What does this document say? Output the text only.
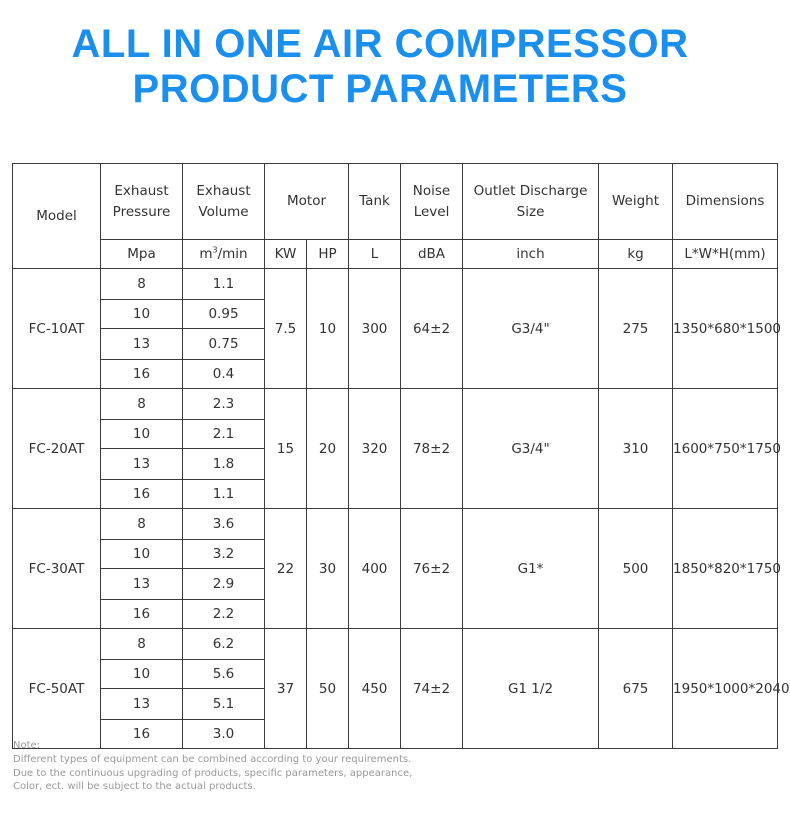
ALL IN ONE AIR COMPRESSOR
PRODUCT PARAMETERS
Model	Exhaust Pressure	Exhaust Volume	Motor		Tank	Noise Level	Outlet Discharge Size	Weight	Dimensions
	Mpa	$m^3/\min$	KW	HP	L	dBA	inch	kg	L*W*H(mm)
FC-10AT	8	1.1	7.5	10	300	64±2	G3/4"	275	1350*680*1500
	10	0.95							
	13	0.75							
	16	0.4							
FC-20AT	8	2.3	15	20	320	78±2	G3/4"	310	1600*750*1750
	10	2.1							
	13	1.8							
	16	1.1							
FC-30AT	8	3.6	22	30	400	76±2	G1*	500	1850*820*1750
	10	3.2							
	13	2.9							
	16	2.2							
FC-50AT	8	6.2	37	50	450	74±2	G1 1/2	675	1950*1000*2040
	10	5.6							
	13	5.1							
	16	3.0							
Note:
Different types of equipment can be combined according to your requirements.
Due to the continuous upgrading of products, specific parameters, appearance,
Color, ect. will be subject to the actual products.
